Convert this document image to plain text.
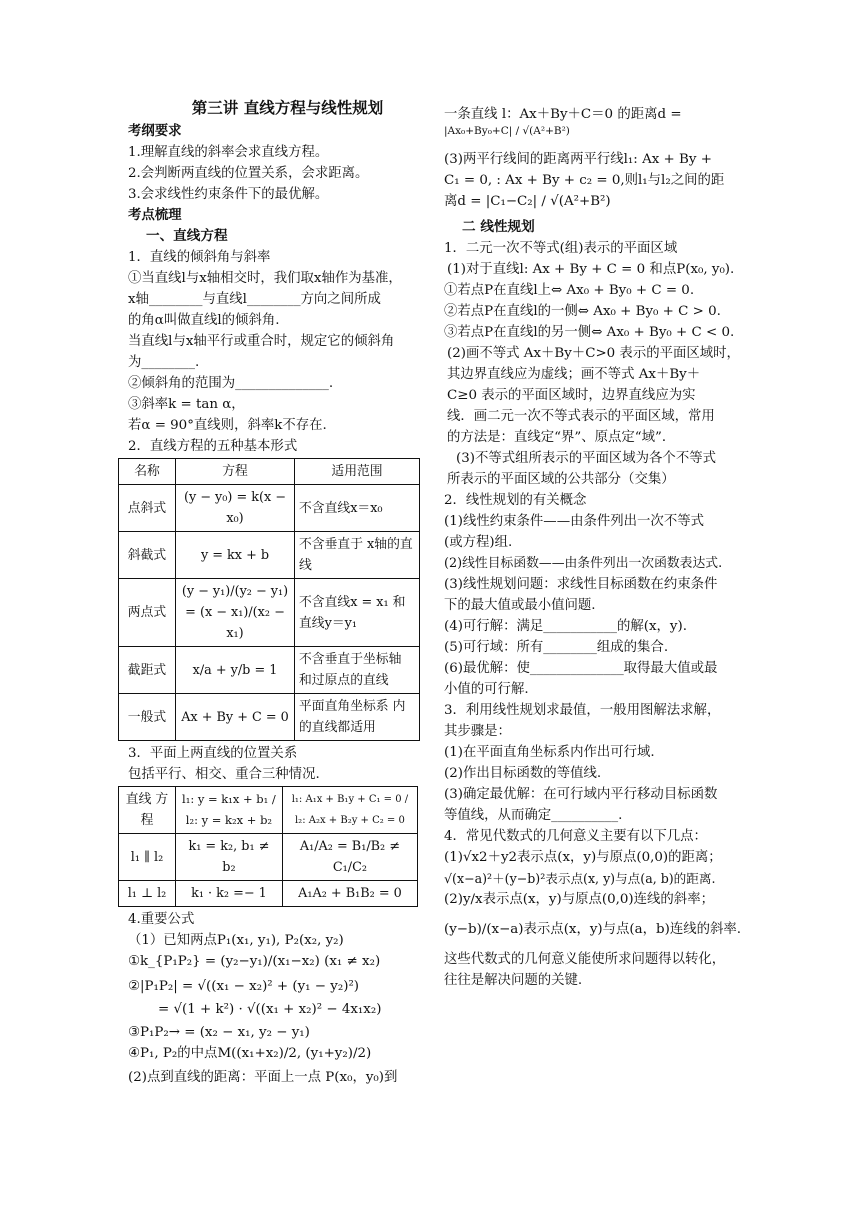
第三讲 直线方程与线性规划
考纲要求
1.理解直线的斜率会求直线方程。
2.会判断两直线的位置关系，会求距离。
3.会求线性约束条件下的最优解。
考点梳理
一、直线方程
1．直线的倾斜角与斜率
①当直线l与x轴相交时，我们取x轴作为基准，
x轴________与直线l________方向之间所成
的角α叫做直线l的倾斜角.
当直线l与x轴平行或重合时，规定它的倾斜角
为________.
②倾斜角的范围为______________.
③斜率k = tan α，
若α = 90°直线则，斜率k不存在.
2．直线方程的五种基本形式
名称	方程	适用范围
点斜式	(y − y₀) = k(x − x₀)	不含直线x＝x₀
斜截式	y = kx + b	不含垂直于 x轴的直线
两点式	(y − y₁)/(y₂ − y₁) = (x − x₁)/(x₂ − x₁)	不含直线x = x₁ 和直线y＝y₁
截距式	x/a + y/b = 1	不含垂直于坐标轴 和过原点的直线
一般式	Ax + By + C = 0	平面直角坐标系 内的直线都适用
3．平面上两直线的位置关系
包括平行、相交、重合三种情况.
直线 方程	l₁: y = k₁x + b₁ / l₂: y = k₂x + b₂	l₁: A₁x + B₁y + C₁ = 0 / l₂: A₂x + B₂y + C₂ = 0
l₁ ∥ l₂	k₁ = k₂, b₁ ≠ b₂	A₁/A₂ = B₁/B₂ ≠ C₁/C₂
l₁ ⊥ l₂	k₁ · k₂ =− 1	A₁A₂ + B₁B₂ = 0
4.重要公式
（1）已知两点P₁(x₁, y₁), P₂(x₂, y₂)
①k_{P₁P₂} = (y₂−y₁)/(x₁−x₂) (x₁ ≠ x₂)
②|P₁P₂| = √((x₁ − x₂)² + (y₁ − y₂)²)
= √(1 + k²) · √((x₁ + x₂)² − 4x₁x₂)
③P₁P₂→ = (x₂ − x₁, y₂ − y₁)
④P₁, P₂的中点M((x₁+x₂)/2, (y₁+y₂)/2)
(2)点到直线的距离：平面上一点 P(x₀，y₀)到
一条直线 l：Ax＋By＋C＝0 的距离d =
|Ax₀+By₀+C| / √(A²+B²)
(3)两平行线间的距离两平行线l₁: Ax + By +
C₁ = 0, : Ax + By + c₂ = 0,则l₁与l₂之间的距
离d = |C₁−C₂| / √(A²+B²)
二 线性规划
1．二元一次不等式(组)表示的平面区域
(1)对于直线l: Ax + By + C = 0 和点P(x₀, y₀).
①若点P在直线l上⇔ Ax₀ + By₀ + C = 0.
②若点P在直线l的一侧⇔ Ax₀ + By₀ + C > 0.
③若点P在直线l的另一侧⇔ Ax₀ + By₀ + C < 0.
(2)画不等式 Ax＋By＋C>0 表示的平面区域时，
其边界直线应为虚线；画不等式 Ax＋By＋
C≥0 表示的平面区域时，边界直线应为实
线．画二元一次不等式表示的平面区域，常用
的方法是：直线定“界”、原点定“域”．
(3)不等式组所表示的平面区域为各个不等式
所表示的平面区域的公共部分（交集）
2．线性规划的有关概念
(1)线性约束条件——由条件列出一次不等式
(或方程)组.
(2)线性目标函数——由条件列出一次函数表达式.
(3)线性规划问题：求线性目标函数在约束条件
下的最大值或最小值问题.
(4)可行解：满足___________的解(x，y).
(5)可行域：所有________组成的集合.
(6)最优解：使______________取得最大值或最
小值的可行解.
3．利用线性规划求最值，一般用图解法求解，
其步骤是：
(1)在平面直角坐标系内作出可行域.
(2)作出目标函数的等值线.
(3)确定最优解：在可行域内平行移动目标函数
等值线，从而确定__________.
4．常见代数式的几何意义主要有以下几点：
(1)√x2＋y2表示点(x，y)与原点(0,0)的距离；
√(x−a)²＋(y−b)²表示点(x, y)与点(a, b)的距离.
(2)y/x表示点(x，y)与原点(0,0)连线的斜率；
(y−b)/(x−a)表示点(x，y)与点(a，b)连线的斜率.
这些代数式的几何意义能使所求问题得以转化，
往往是解决问题的关键.
